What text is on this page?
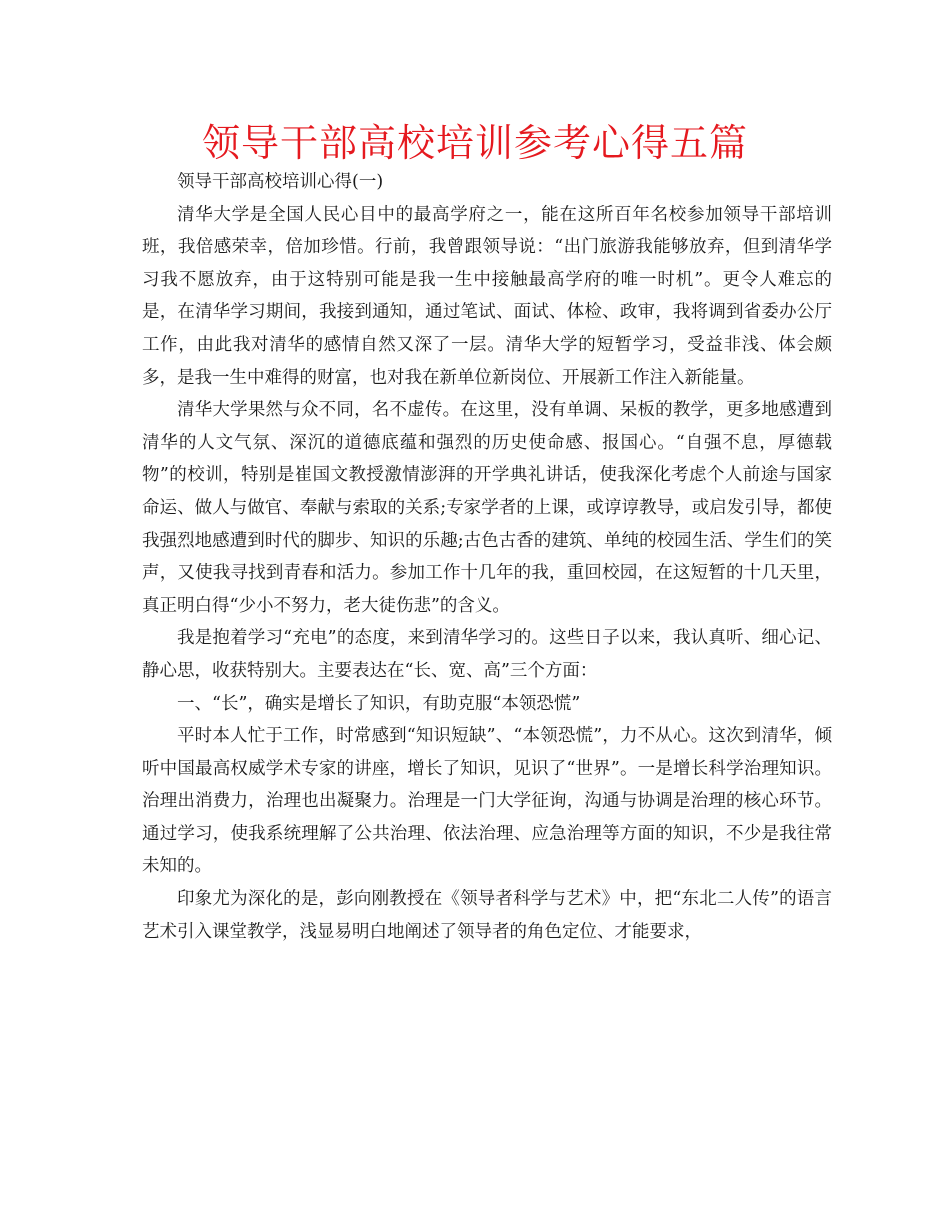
领导干部高校培训参考心得五篇

领导干部高校培训心得(一)

清华大学是全国人民心目中的最高学府之一，能在这所百年名校参加领导干部培训班，我倍感荣幸，倍加珍惜。行前，我曾跟领导说：“出门旅游我能够放弃，但到清华学习我不愿放弃，由于这特别可能是我一生中接触最高学府的唯一时机”。更令人难忘的是，在清华学习期间，我接到通知，通过笔试、面试、体检、政审，我将调到省委办公厅工作，由此我对清华的感情自然又深了一层。清华大学的短暂学习，受益非浅、体会颇多，是我一生中难得的财富，也对我在新单位新岗位、开展新工作注入新能量。

清华大学果然与众不同，名不虚传。在这里，没有单调、呆板的教学，更多地感遭到清华的人文气氛、深沉的道德底蕴和强烈的历史使命感、报国心。“自强不息，厚德载物”的校训，特别是崔国文教授激情澎湃的开学典礼讲话，使我深化考虑个人前途与国家命运、做人与做官、奉献与索取的关系;专家学者的上课，或谆谆教导，或启发引导，都使我强烈地感遭到时代的脚步、知识的乐趣;古色古香的建筑、单纯的校园生活、学生们的笑声，又使我寻找到青春和活力。参加工作十几年的我，重回校园，在这短暂的十几天里，真正明白得“少小不努力，老大徒伤悲”的含义。

我是抱着学习“充电”的态度，来到清华学习的。这些日子以来，我认真听、细心记、静心思，收获特别大。主要表达在“长、宽、高”三个方面：

一、“长”，确实是增长了知识，有助克服“本领恐慌”

平时本人忙于工作，时常感到“知识短缺”、“本领恐慌”，力不从心。这次到清华，倾听中国最高权威学术专家的讲座，增长了知识，见识了“世界”。一是增长科学治理知识。治理出消费力，治理也出凝聚力。治理是一门大学征询，沟通与协调是治理的核心环节。通过学习，使我系统理解了公共治理、依法治理、应急治理等方面的知识，不少是我往常未知的。

印象尤为深化的是，彭向刚教授在《领导者科学与艺术》中，把“东北二人传”的语言艺术引入课堂教学，浅显易明白地阐述了领导者的角色定位、才能要求，
